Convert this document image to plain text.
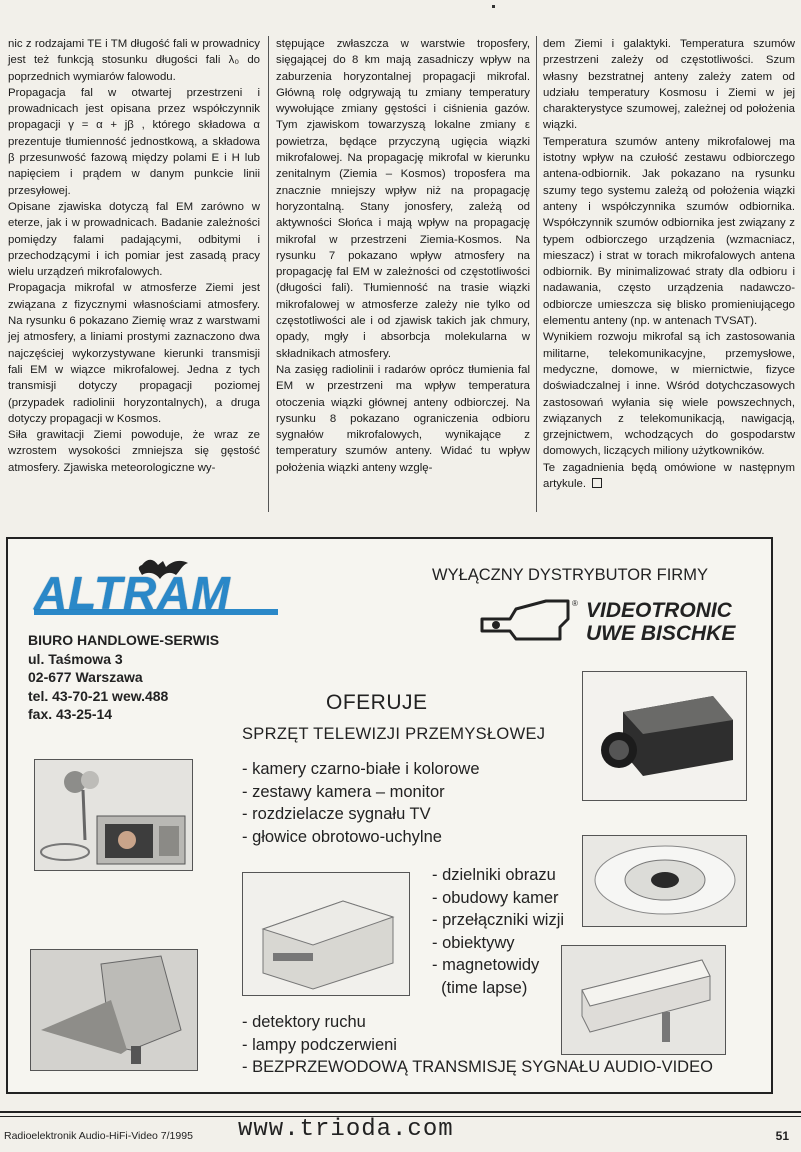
nic z rodzajami TE i TM długość fali w prowadnicy jest też funkcją stosunku długości fali λ₀ do poprzednich wymiarów falowodu.

Propagacja fal w otwartej przestrzeni i prowadnicach jest opisana przez współczynnik propagacji γ = α + jβ , którego składowa α prezentuje tłumienność jednostkową, a składowa β przesunwość fazową między polami E i H lub napięciem i prądem w danym punkcie linii przesyłowej.

Opisane zjawiska dotyczą fal EM zarówno w eterze, jak i w prowadnicach. Badanie zależności pomiędzy falami padającymi, odbitymi i przechodzącymi i ich pomiar jest zasadą pracy wielu urządzeń mikrofalowych.

Propagacja mikrofal w atmosferze Ziemi jest związana z fizycznymi własnościami atmosfery. Na rysunku 6 pokazano Ziemię wraz z warstwami jej atmosfery, a liniami prostymi zaznaczono dwa najczęściej wykorzystywane kierunki transmisji fali EM w wiązce mikrofalowej. Jedna z tych transmisji dotyczy propagacji poziomej (przypadek radiolinii horyzontalnych), a druga dotyczy propagacji w Kosmos.

Siła grawitacji Ziemi powoduje, że wraz ze wzrostem wysokości zmniejsza się gęstość atmosfery. Zjawiska meteorologiczne wy-

stępujące zwłaszcza w warstwie troposfery, sięgającej do 8 km mają zasadniczy wpływ na zaburzenia horyzontalnej propagacji mikrofal. Główną rolę odgrywają tu zmiany temperatury wywołujące zmiany gęstości i ciśnienia gazów. Tym zjawiskom towarzyszą lokalne zmiany ε powietrza, będące przyczyną ugięcia wiązki mikrofalowej. Na propagację mikrofal w kierunku zenitalnym (Ziemia – Kosmos) troposfera ma znacznie mniejszy wpływ niż na propagację horyzontalną. Stany jonosfery, zależą od aktywności Słońca i mają wpływ na propagację mikrofal w przestrzeni Ziemia-Kosmos. Na rysunku 7 pokazano wpływ atmosfery na propagację fal EM w zależności od częstotliwości (długości fali). Tłumienność na trasie wiązki mikrofalowej w atmosferze zależy nie tylko od częstotliwości ale i od zjawisk takich jak chmury, opady, mgły i absorbcja molekularna w składnikach atmosfery.

Na zasięg radiolinii i radarów oprócz tłumienia fal EM w przestrzeni ma wpływ temperatura otoczenia wiązki głównej anteny odbiorczej. Na rysunku 8 pokazano ograniczenia odbioru sygnałów mikrofalowych, wynikające z temperatury szumów anteny. Widać tu wpływ położenia wiązki anteny wzglę-

dem Ziemi i galaktyki. Temperatura szumów przestrzeni zależy od częstotliwości. Szum własny bezstratnej anteny zależy zatem od udziału temperatury Kosmosu i Ziemi w jej charakterystyce szumowej, zależnej od położenia wiązki.

Temperatura szumów anteny mikrofalowej ma istotny wpływ na czułość zestawu odbiorczego antena-odbiornik. Jak pokazano na rysunku szumy tego systemu zależą od położenia wiązki anteny i współczynnika szumów odbiornika. Współczynnik szumów odbiornika jest związany z typem odbiorczego urządzenia (wzmacniacz, mieszacz) i strat w torach mikrofalowych antena odbiornik. By minimalizować straty dla odbioru i nadawania, często urządzenia nadawczo-odbiorcze umieszcza się blisko promieniującego elementu anteny (np. w antenach TVSAT).

Wynikiem rozwoju mikrofal są ich zastosowania militarne, telekomunikacyjne, przemysłowe, medyczne, domowe, w miernictwie, fizyce doświadczalnej i inne. Wśród dotychczasowych zastosowań wyłania się wiele powszechnych, związanych z telekomunikacją, nawigacją, grzejnictwem, wchodzących do gospodarstw domowych, liczących miliony użytkowników.

Te zagadnienia będą omówione w następnym artykule.

ALTRAM
BIURO HANDLOWE-SERWIS
ul. Taśmowa 3
02-677 Warszawa
tel. 43-70-21 wew.488
fax. 43-25-14
WYŁĄCZNY DYSTRYBUTOR FIRMY
® VIDEOTRONIC
UWE BISCHKE
OFERUJE
SPRZĘT TELEWIZJI PRZEMYSŁOWEJ
- kamery czarno-białe i kolorowe
- zestawy kamera – monitor
- rozdzielacze sygnału TV
- głowice obrotowo-uchylne
- dzielniki obrazu
- obudowy kamer
- przełączniki wizji
- obiektywy
- magnetowidy
(time lapse)
- detektory ruchu
- lampy podczerwieni
- BEZPRZEWODOWĄ TRANSMISJĘ SYGNAŁU AUDIO-VIDEO
Radioelektronik Audio-HiFi-Video 7/1995 www.trioda.com	51
